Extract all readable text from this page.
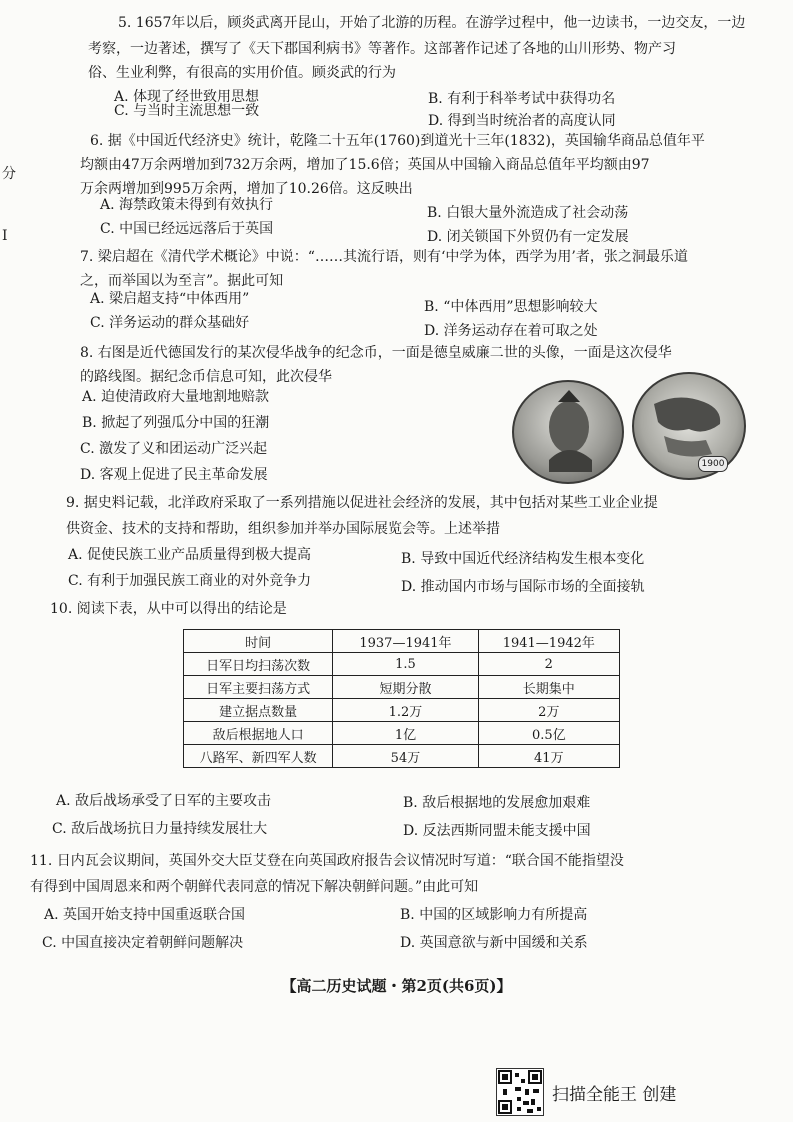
分
I
5. 1657年以后，顾炎武离开昆山，开始了北游的历程。在游学过程中，他一边读书，一边交友，一边
考察，一边著述，撰写了《天下郡国利病书》等著作。这部著作记述了各地的山川形势、物产习
俗、生业利弊，有很高的实用价值。顾炎武的行为
A. 体现了经世致用思想	B. 有利于科举考试中获得功名
C. 与当时主流思想一致
D. 得到当时统治者的高度认同
6. 据《中国近代经济史》统计，乾隆二十五年(1760)到道光十三年(1832)，英国输华商品总值年平
均额由47万余两增加到732万余两，增加了15.6倍；英国从中国输入商品总值年平均额由97
万余两增加到995万余两，增加了10.26倍。这反映出
A. 海禁政策未得到有效执行	B. 白银大量外流造成了社会动荡
C. 中国已经远远落后于英国	D. 闭关锁国下外贸仍有一定发展
7. 梁启超在《清代学术概论》中说：“……其流行语，则有‘中学为体，西学为用’者，张之洞最乐道
之，而举国以为至言”。据此可知
A. 梁启超支持“中体西用”	B. “中体西用”思想影响较大
C. 洋务运动的群众基础好	D. 洋务运动存在着可取之处
8. 右图是近代德国发行的某次侵华战争的纪念币，一面是德皇威廉二世的头像，一面是这次侵华
的路线图。据纪念币信息可知，此次侵华
A. 迫使清政府大量地割地赔款
B. 掀起了列强瓜分中国的狂潮
C. 激发了义和团运动广泛兴起
D. 客观上促进了民主革命发展
1900
9. 据史料记载，北洋政府采取了一系列措施以促进社会经济的发展，其中包括对某些工业企业提
供资金、技术的支持和帮助，组织参加并举办国际展览会等。上述举措
A. 促使民族工业产品质量得到极大提高	B. 导致中国近代经济结构发生根本变化
C. 有利于加强民族工商业的对外竞争力	D. 推动国内市场与国际市场的全面接轨
10. 阅读下表，从中可以得出的结论是
时间	1937—1941年	1941—1942年
日军日均扫荡次数	1.5	2
日军主要扫荡方式	短期分散	长期集中
建立据点数量	1.2万	2万
敌后根据地人口	1亿	0.5亿
八路军、新四军人数	54万	41万
A. 敌后战场承受了日军的主要攻击	B. 敌后根据地的发展愈加艰难
C. 敌后战场抗日力量持续发展壮大	D. 反法西斯同盟未能支援中国
11. 日内瓦会议期间，英国外交大臣艾登在向英国政府报告会议情况时写道：“联合国不能指望没
有得到中国周恩来和两个朝鲜代表同意的情况下解决朝鲜问题。”由此可知
A. 英国开始支持中国重返联合国	B. 中国的区域影响力有所提高
C. 中国直接决定着朝鲜问题解决	D. 英国意欲与新中国缓和关系
【高二历史试题・第2页(共6页)】
扫描全能王 创建
